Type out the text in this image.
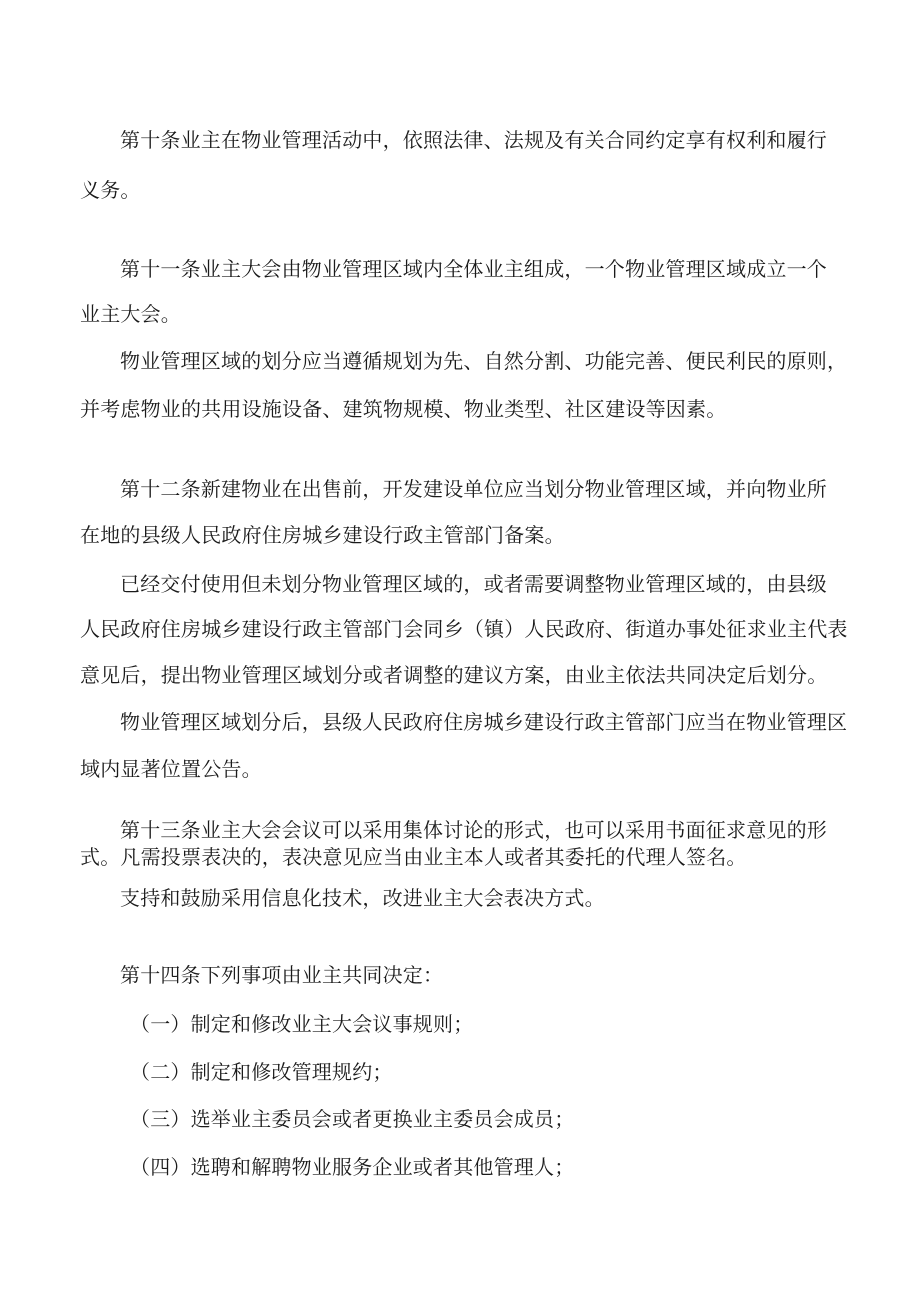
第十条业主在物业管理活动中，依照法律、法规及有关合同约定享有权利和履行
义务。
第十一条业主大会由物业管理区域内全体业主组成，一个物业管理区域成立一个
业主大会。
物业管理区域的划分应当遵循规划为先、自然分割、功能完善、便民利民的原则，
并考虑物业的共用设施设备、建筑物规模、物业类型、社区建设等因素。
第十二条新建物业在出售前，开发建设单位应当划分物业管理区域，并向物业所
在地的县级人民政府住房城乡建设行政主管部门备案。
已经交付使用但未划分物业管理区域的，或者需要调整物业管理区域的，由县级
人民政府住房城乡建设行政主管部门会同乡（镇）人民政府、街道办事处征求业主代表
意见后，提出物业管理区域划分或者调整的建议方案，由业主依法共同决定后划分。
物业管理区域划分后，县级人民政府住房城乡建设行政主管部门应当在物业管理区
域内显著位置公告。
第十三条业主大会会议可以采用集体讨论的形式，也可以采用书面征求意见的形
式。凡需投票表决的，表决意见应当由业主本人或者其委托的代理人签名。
支持和鼓励采用信息化技术，改进业主大会表决方式。
第十四条下列事项由业主共同决定：
（一）制定和修改业主大会议事规则；
（二）制定和修改管理规约；
（三）选举业主委员会或者更换业主委员会成员；
（四）选聘和解聘物业服务企业或者其他管理人；
